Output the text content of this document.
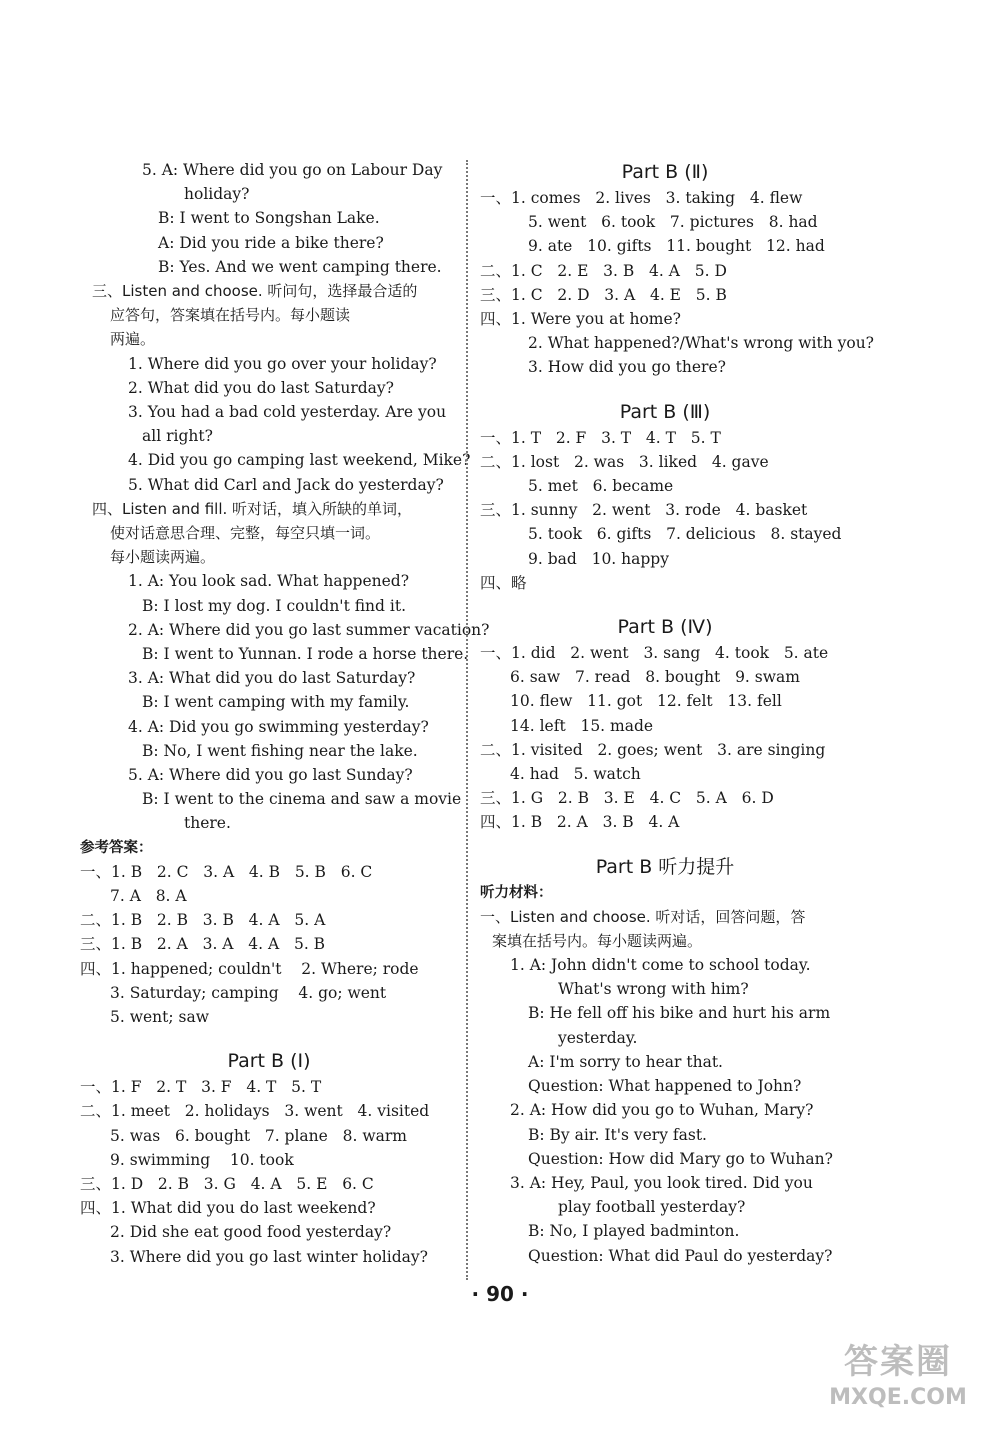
5. A: Where did you go on Labour Day
holiday?
B: I went to Songshan Lake.
A: Did you ride a bike there?
B: Yes. And we went camping there.
三、Listen and choose. 听问句，选择最合适的
应答句，答案填在括号内。每小题读
两遍。
1. Where did you go over your holiday?
2. What did you do last Saturday?
3. You had a bad cold yesterday. Are you
all right?
4. Did you go camping last weekend, Mike?
5. What did Carl and Jack do yesterday?
四、Listen and fill. 听对话，填入所缺的单词，
使对话意思合理、完整，每空只填一词。
每小题读两遍。
1. A: You look sad. What happened?
B: I lost my dog. I couldn't find it.
2. A: Where did you go last summer vacation?
B: I went to Yunnan. I rode a horse there.
3. A: What did you do last Saturday?
B: I went camping with my family.
4. A: Did you go swimming yesterday?
B: No, I went fishing near the lake.
5. A: Where did you go last Sunday?
B: I went to the cinema and saw a movie
there.
参考答案：
一、1. B   2. C   3. A   4. B   5. B   6. C
7. A   8. A
二、1. B   2. B   3. B   4. A   5. A
三、1. B   2. A   3. A   4. A   5. B
四、1. happened; couldn't    2. Where; rode
3. Saturday; camping    4. go; went
5. went; saw
Part B (Ⅰ)
一、1. F   2. T   3. F   4. T   5. T
二、1. meet   2. holidays   3. went   4. visited
5. was   6. bought   7. plane   8. warm
9. swimming    10. took
三、1. D   2. B   3. G   4. A   5. E   6. C
四、1. What did you do last weekend?
2. Did she eat good food yesterday?
3. Where did you go last winter holiday?
Part B (Ⅱ)
一、1. comes   2. lives   3. taking   4. flew
5. went   6. took   7. pictures   8. had
9. ate   10. gifts   11. bought   12. had
二、1. C   2. E   3. B   4. A   5. D
三、1. C   2. D   3. A   4. E   5. B
四、1. Were you at home?
2. What happened?/What's wrong with you?
3. How did you go there?
Part B (Ⅲ)
一、1. T   2. F   3. T   4. T   5. T
二、1. lost   2. was   3. liked   4. gave
5. met   6. became
三、1. sunny   2. went   3. rode   4. basket
5. took   6. gifts   7. delicious   8. stayed
9. bad   10. happy
四、略
Part B (Ⅳ)
一、1. did   2. went   3. sang   4. took   5. ate
6. saw   7. read   8. bought   9. swam
10. flew   11. got   12. felt   13. fell
14. left   15. made
二、1. visited   2. goes; went   3. are singing
4. had   5. watch
三、1. G   2. B   3. E   4. C   5. A   6. D
四、1. B   2. A   3. B   4. A
Part B 听力提升
听力材料：
一、Listen and choose. 听对话，回答问题，答
案填在括号内。每小题读两遍。
1. A: John didn't come to school today.
What's wrong with him?
B: He fell off his bike and hurt his arm
yesterday.
A: I'm sorry to hear that.
Question: What happened to John?
2. A: How did you go to Wuhan, Mary?
B: By air. It's very fast.
Question: How did Mary go to Wuhan?
3. A: Hey, Paul, you look tired. Did you
play football yesterday?
B: No, I played badminton.
Question: What did Paul do yesterday?
· 90 ·
答案圈
MXQE.COM
